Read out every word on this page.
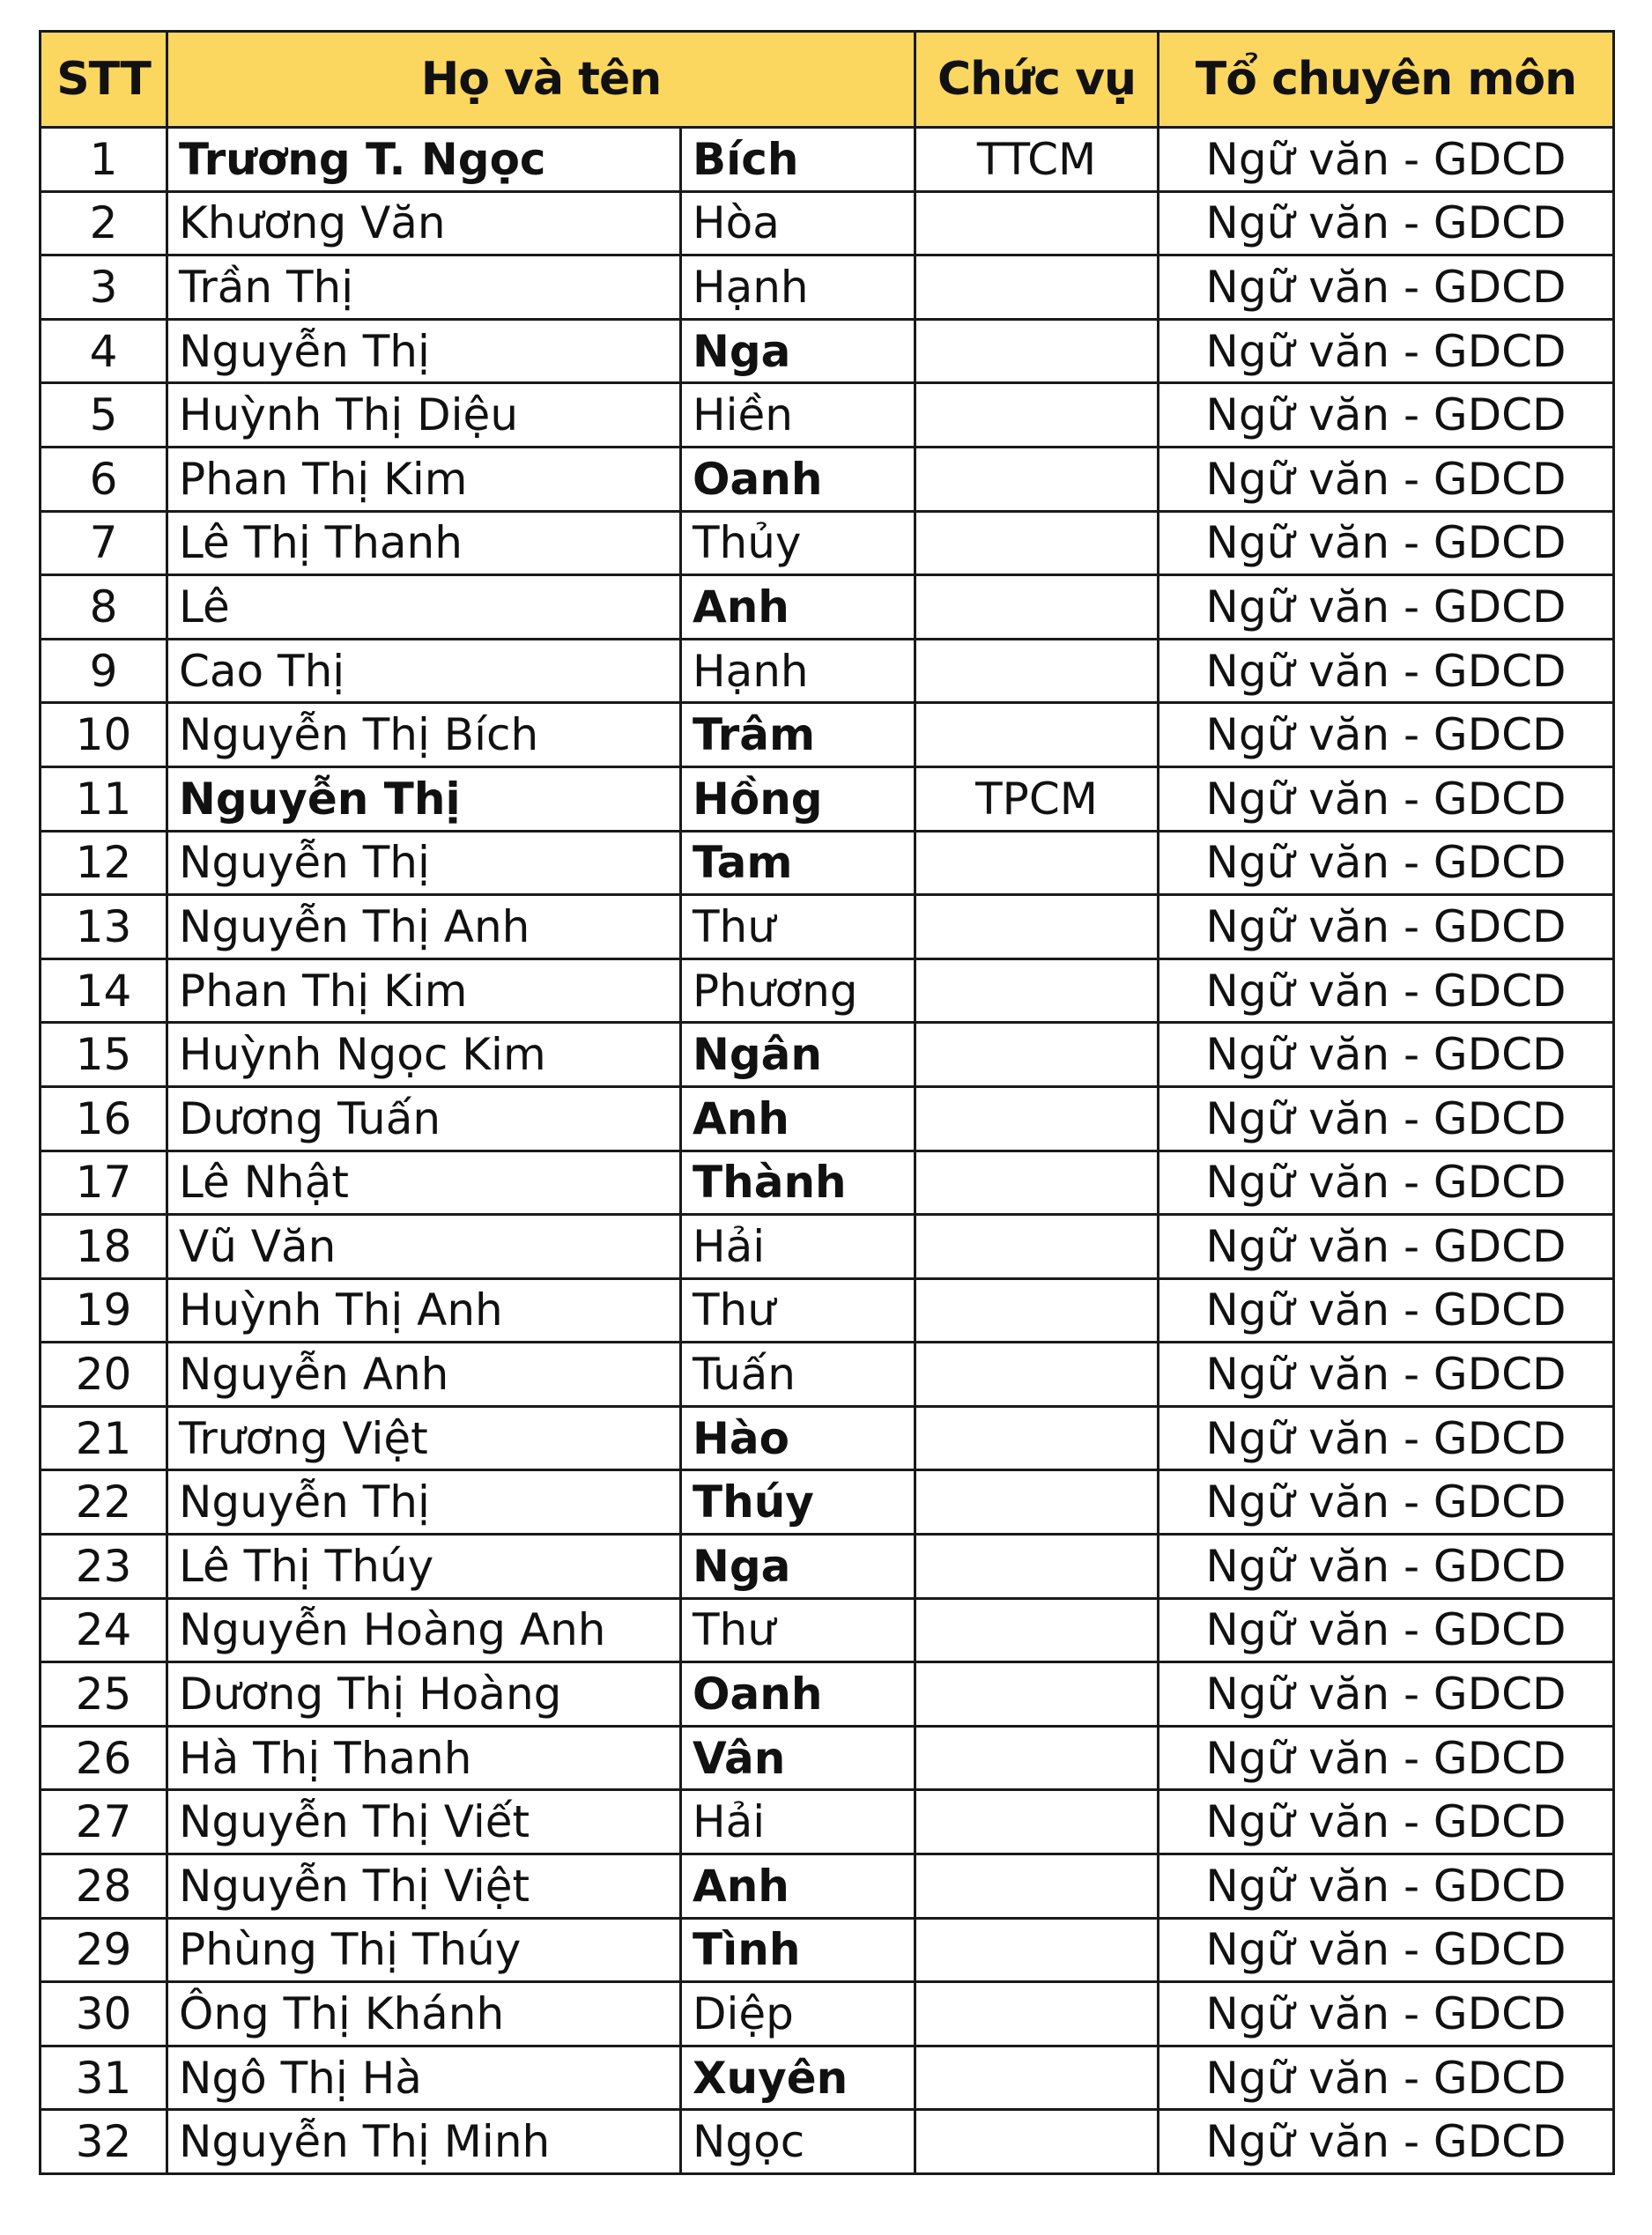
STT	Họ và tên		Chức vụ	Tổ chuyên môn
1	Trương T. Ngọc	Bích	TTCM	Ngữ văn - GDCD
2	Khương Văn	Hòa		Ngữ văn - GDCD
3	Trần Thị	Hạnh		Ngữ văn - GDCD
4	Nguyễn Thị	Nga		Ngữ văn - GDCD
5	Huỳnh Thị Diệu	Hiền		Ngữ văn - GDCD
6	Phan Thị Kim	Oanh		Ngữ văn - GDCD
7	Lê Thị Thanh	Thủy		Ngữ văn - GDCD
8	Lê	Anh		Ngữ văn - GDCD
9	Cao Thị	Hạnh		Ngữ văn - GDCD
10	Nguyễn Thị Bích	Trâm		Ngữ văn - GDCD
11	Nguyễn Thị	Hồng	TPCM	Ngữ văn - GDCD
12	Nguyễn Thị	Tam		Ngữ văn - GDCD
13	Nguyễn Thị Anh	Thư		Ngữ văn - GDCD
14	Phan Thị Kim	Phương		Ngữ văn - GDCD
15	Huỳnh Ngọc Kim	Ngân		Ngữ văn - GDCD
16	Dương Tuấn	Anh		Ngữ văn - GDCD
17	Lê Nhật	Thành		Ngữ văn - GDCD
18	Vũ Văn	Hải		Ngữ văn - GDCD
19	Huỳnh Thị Anh	Thư		Ngữ văn - GDCD
20	Nguyễn Anh	Tuấn		Ngữ văn - GDCD
21	Trương Việt	Hào		Ngữ văn - GDCD
22	Nguyễn Thị	Thúy		Ngữ văn - GDCD
23	Lê Thị Thúy	Nga		Ngữ văn - GDCD
24	Nguyễn Hoàng Anh	Thư		Ngữ văn - GDCD
25	Dương Thị Hoàng	Oanh		Ngữ văn - GDCD
26	Hà Thị Thanh	Vân		Ngữ văn - GDCD
27	Nguyễn Thị Viết	Hải		Ngữ văn - GDCD
28	Nguyễn Thị Việt	Anh		Ngữ văn - GDCD
29	Phùng Thị Thúy	Tình		Ngữ văn - GDCD
30	Ông Thị Khánh	Diệp		Ngữ văn - GDCD
31	Ngô Thị Hà	Xuyên		Ngữ văn - GDCD
32	Nguyễn Thị Minh	Ngọc		Ngữ văn - GDCD
